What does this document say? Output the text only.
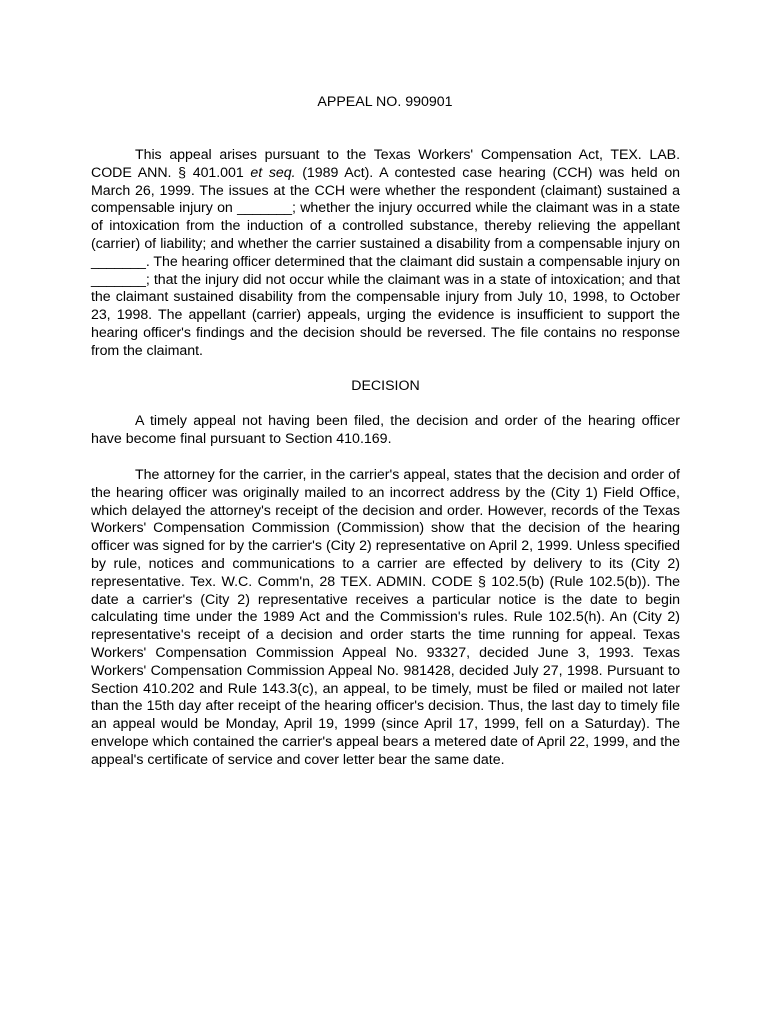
APPEAL NO. 990901

This appeal arises pursuant to the Texas Workers' Compensation Act, TEX. LAB. CODE ANN. § 401.001 et seq. (1989 Act). A contested case hearing (CCH) was held on March 26, 1999. The issues at the CCH were whether the respondent (claimant) sustained a compensable injury on _______; whether the injury occurred while the claimant was in a state of intoxication from the induction of a controlled substance, thereby relieving the appellant (carrier) of liability; and whether the carrier sustained a disability from a compensable injury on _______. The hearing officer determined that the claimant did sustain a compensable injury on _______; that the injury did not occur while the claimant was in a state of intoxication; and that the claimant sustained disability from the compensable injury from July 10, 1998, to October 23, 1998. The appellant (carrier) appeals, urging the evidence is insufficient to support the hearing officer's findings and the decision should be reversed. The file contains no response from the claimant.

DECISION

A timely appeal not having been filed, the decision and order of the hearing officer have become final pursuant to Section 410.169.

The attorney for the carrier, in the carrier's appeal, states that the decision and order of the hearing officer was originally mailed to an incorrect address by the (City 1) Field Office, which delayed the attorney's receipt of the decision and order. However, records of the Texas Workers' Compensation Commission (Commission) show that the decision of the hearing officer was signed for by the carrier's (City 2) representative on April 2, 1999. Unless specified by rule, notices and communications to a carrier are effected by delivery to its (City 2) representative. Tex. W.C. Comm'n, 28 TEX. ADMIN. CODE § 102.5(b) (Rule 102.5(b)). The date a carrier's (City 2) representative receives a particular notice is the date to begin calculating time under the 1989 Act and the Commission's rules. Rule 102.5(h). An (City 2) representative's receipt of a decision and order starts the time running for appeal. Texas Workers' Compensation Commission Appeal No. 93327, decided June 3, 1993. Texas Workers' Compensation Commission Appeal No. 981428, decided July 27, 1998. Pursuant to Section 410.202 and Rule 143.3(c), an appeal, to be timely, must be filed or mailed not later than the 15th day after receipt of the hearing officer's decision. Thus, the last day to timely file an appeal would be Monday, April 19, 1999 (since April 17, 1999, fell on a Saturday). The envelope which contained the carrier's appeal bears a metered date of April 22, 1999, and the appeal's certificate of service and cover letter bear the same date.
